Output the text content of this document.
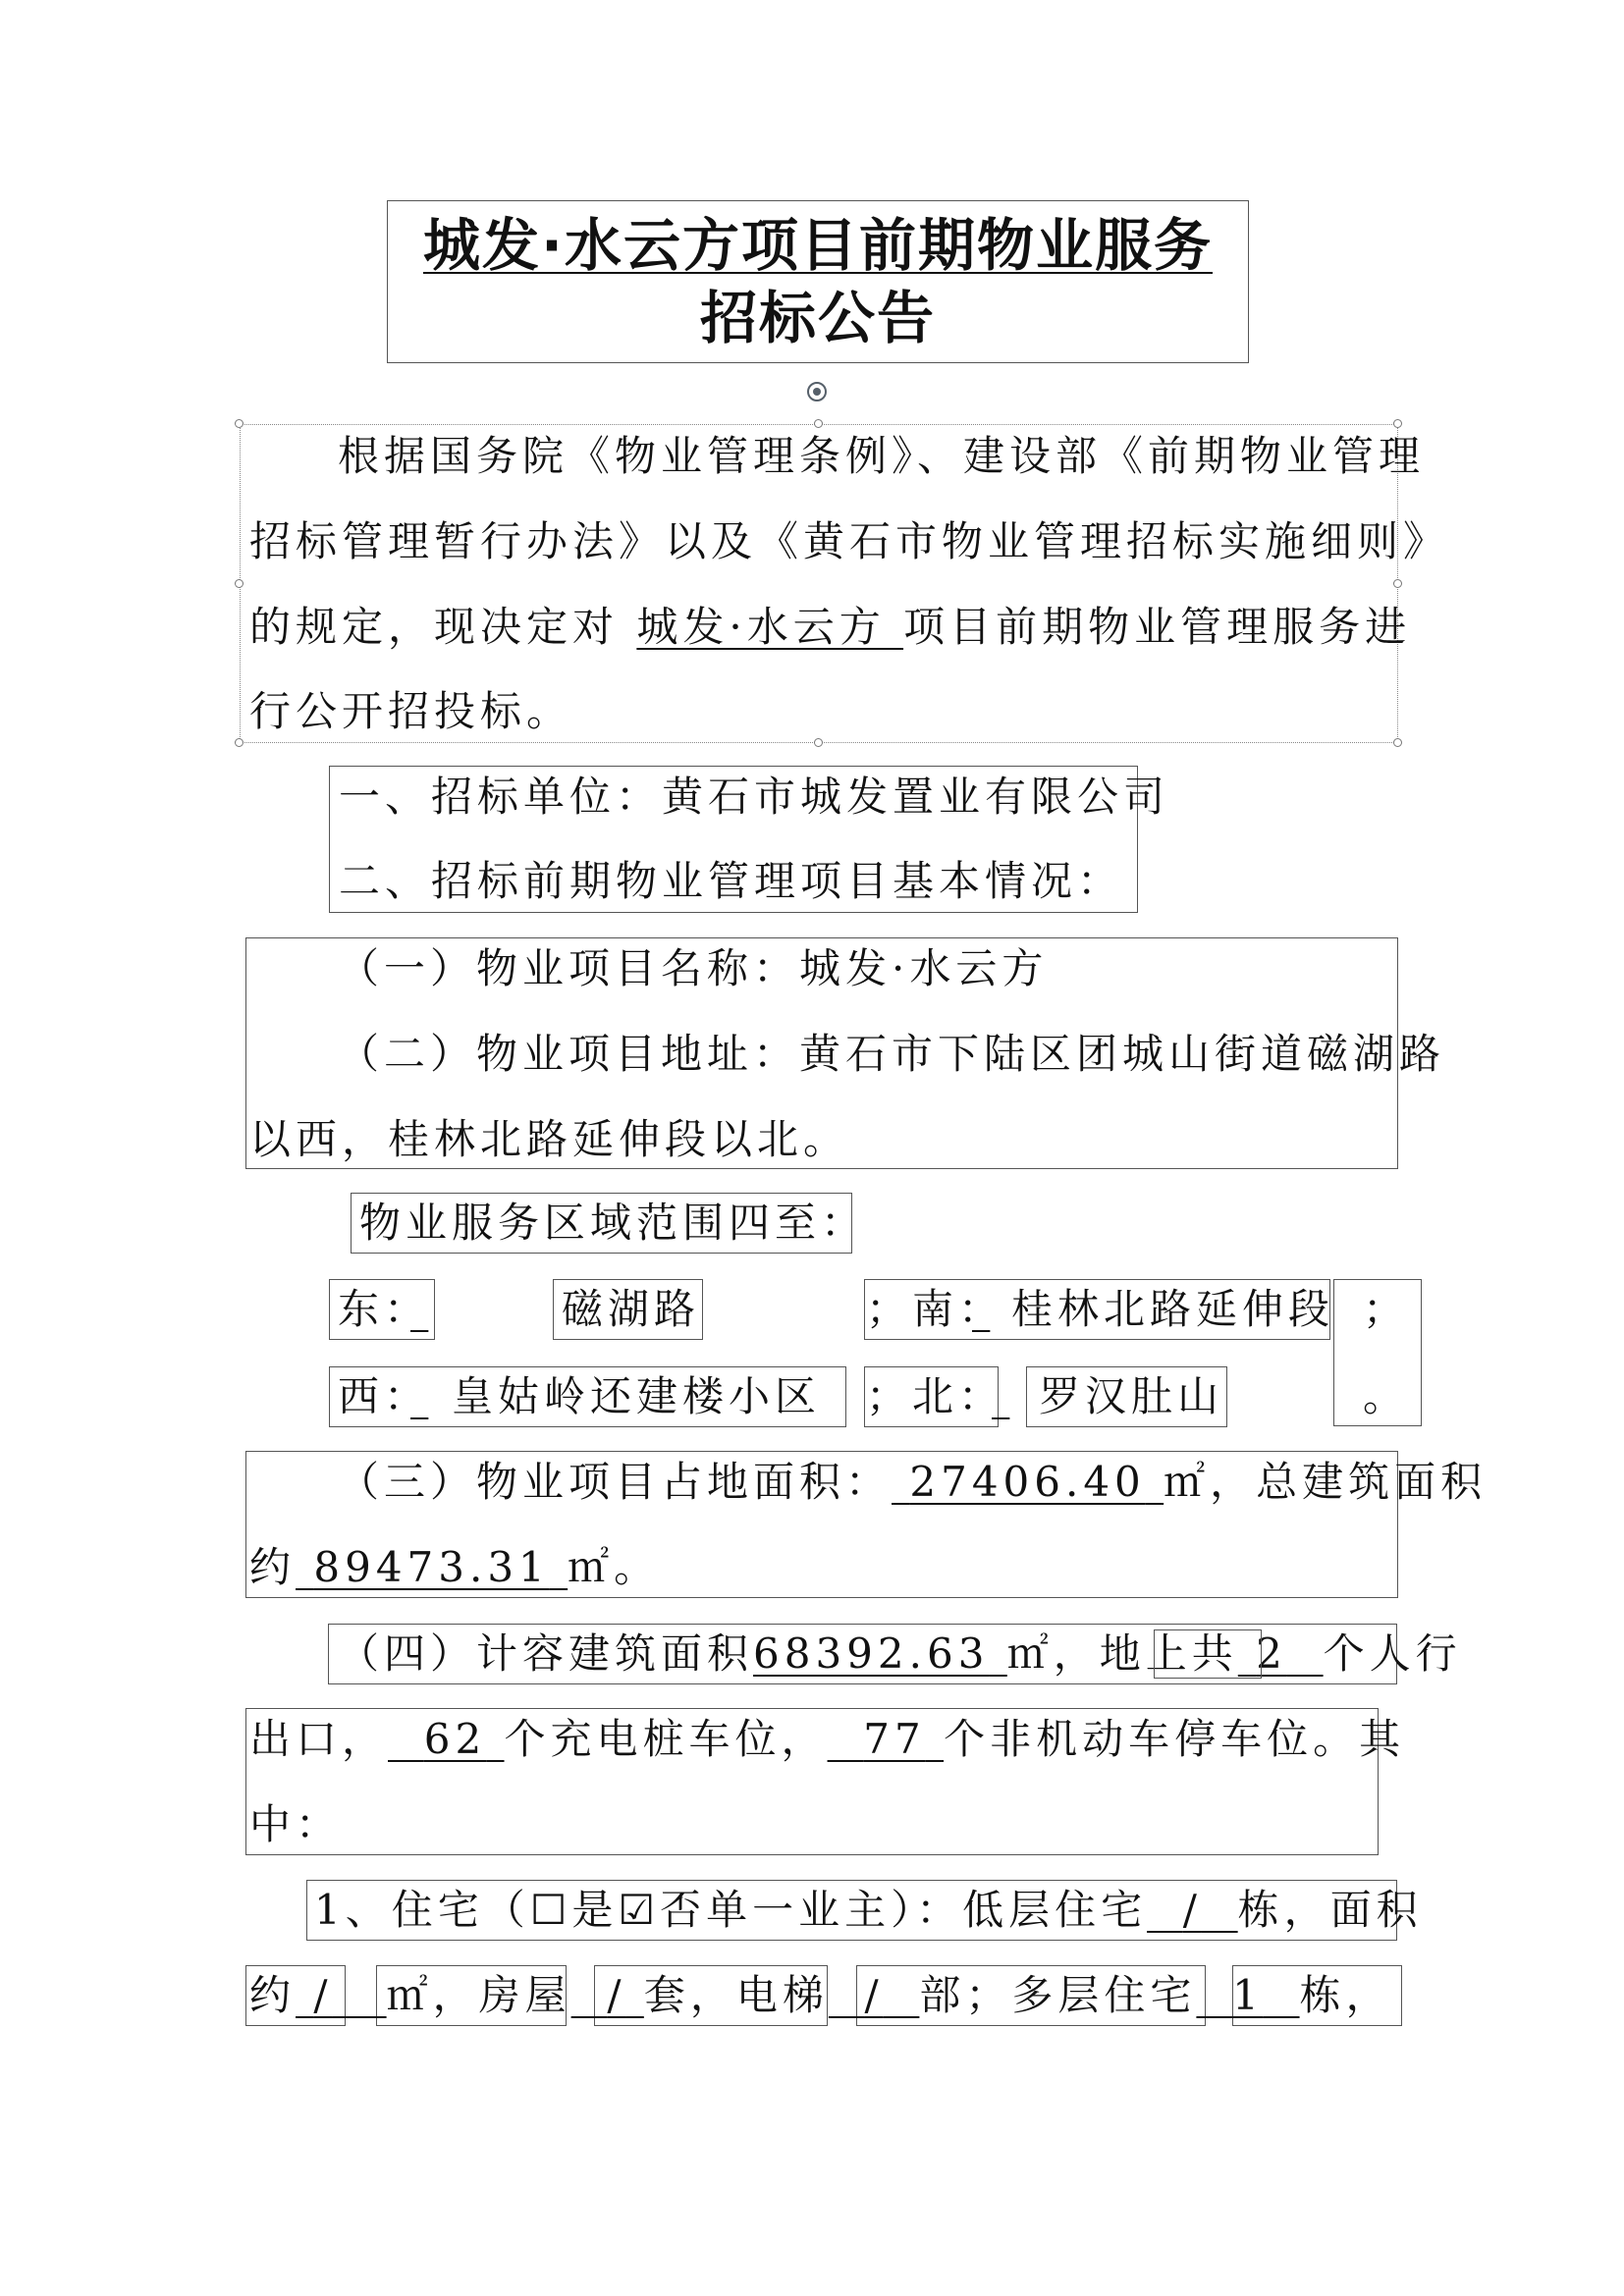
城发·水云方项目前期物业服务
招标公告
根据国务院《物业管理条例》、建设部《前期物业管理
招标管理暂行办法》以及《黄石市物业管理招标实施细则》
的规定，现决定对 城发·水云方 项目前期物业管理服务进
行公开招投标。
一、招标单位：黄石市城发置业有限公司
二、招标前期物业管理项目基本情况：
（一）物业项目名称：城发·水云方
（二）物业项目地址：黄石市下陆区团城山街道磁湖路
以西，桂林北路延伸段以北。
物业服务区域范围四至：
东：
	磁湖路	；南：
桂林北路延伸段 ；
西：
皇姑岭还建楼小区 ；北：
罗汉肚山	。
（三）物业项目占地面积： 27406.40 ㎡，总建筑面积
约 89473.31 ㎡。
（四）计容建筑面积68392.63 ㎡，地上共 2 个人行
出口， 62 个充电桩车位， 77 个非机动车停车位。其
中：
1、住宅（☐是☑否单一业主）：低层住宅 / 栋，面积
约 / ㎡，房屋 / 套，电梯 / 部；多层住宅 1 栋，
